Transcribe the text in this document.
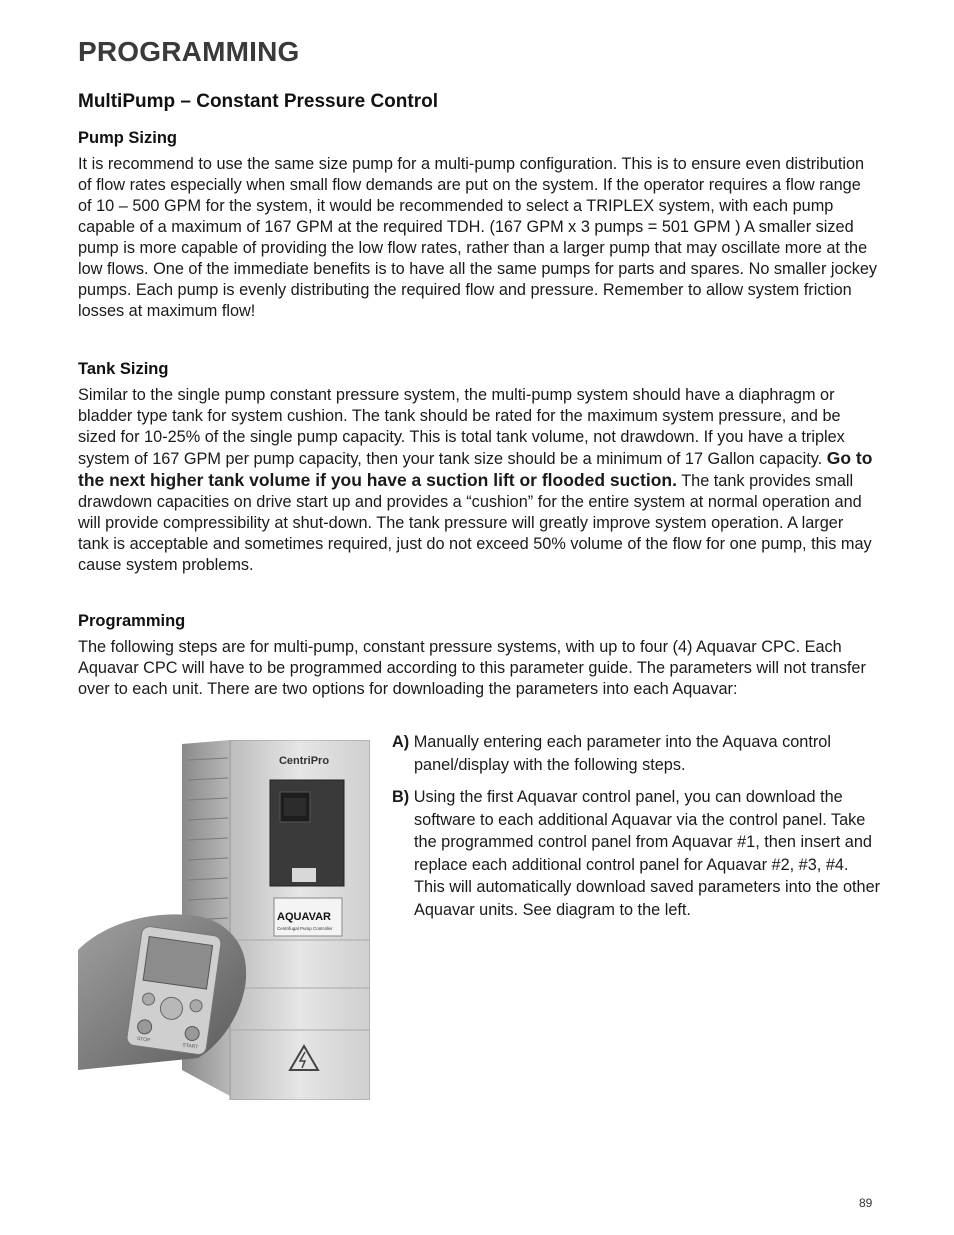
PROGRAMMING
MultiPump – Constant Pressure Control
Pump Sizing

It is recommend to use the same size pump for a multi-pump configuration. This is to ensure even distribution of flow rates especially when small flow demands are put on the system. If the operator requires a flow range of 10 – 500 GPM for the system, it would be recommended to select a TRIPLEX system, with each pump capable of a maximum of 167 GPM at the required TDH. (167 GPM x 3 pumps = 501 GPM ) A smaller sized pump is more capable of providing the low flow rates, rather than a larger pump that may oscillate more at the low flows. One of the immediate benefits is to have all the same pumps for parts and spares. No smaller jockey pumps. Each pump is evenly distributing the required flow and pressure. Remember to allow system friction losses at maximum flow!

Tank Sizing

Similar to the single pump constant pressure system, the multi-pump system should have a diaphragm or bladder type tank for system cushion. The tank should be rated for the maximum system pressure, and be sized for 10-25% of the single pump capacity. This is total tank volume, not drawdown. If you have a triplex system of 167 GPM per pump capacity, then your tank size should be a minimum of 17 Gallon capacity. Go to the next higher tank volume if you have a suction lift or flooded suction. The tank provides small drawdown capacities on drive start up and provides a “cushion” for the entire system at normal operation and will provide compressibility at shut-down. The tank pressure will greatly improve system operation. A larger tank is acceptable and sometimes required, just do not exceed 50% volume of the flow for one pump, this may cause system problems.

Programming

The following steps are for multi-pump, constant pressure systems, with up to four (4) Aquavar CPC. Each Aquavar CPC will have to be programmed according to this parameter guide. The parameters will not transfer over to each unit. There are two options for downloading the parameters into each Aquavar:

CentriPro
AQUAVAR
Centrifugal Pump Controller
STOP
START

A) Manually entering each parameter into the Aquava control panel/display with the following steps.

B) Using the first Aquavar control panel, you can download the software to each additional Aquavar via the control panel. Take the programmed control panel from Aquavar #1, then insert and replace each additional control panel for Aquavar #2, #3, #4. This will automatically download saved parameters into the other Aquavar units. See diagram to the left.

89
